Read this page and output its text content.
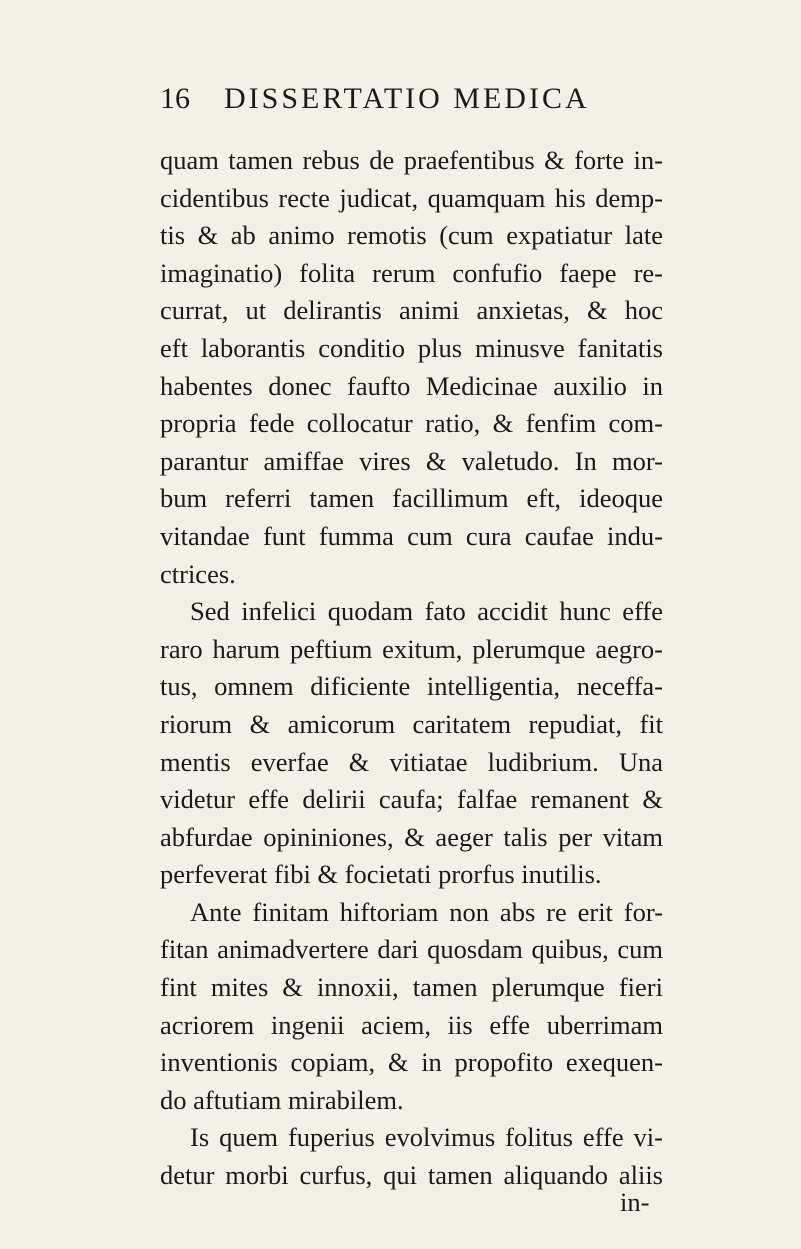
16 DISSERTATIO MEDICA
quam tamen rebus de praefentibus & forte in-
cidentibus recte judicat, quamquam his demp-
tis & ab animo remotis (cum expatiatur late
imaginatio) folita rerum confufio faepe re-
currat, ut delirantis animi anxietas, & hoc
eft laborantis conditio plus minusve fanitatis
habentes donec faufto Medicinae auxilio in
propria fede collocatur ratio, & fenfim com-
parantur amiffae vires & valetudo. In mor-
bum referri tamen facillimum eft, ideoque
vitandae funt fumma cum cura caufae indu-
ctrices.
Sed infelici quodam fato accidit hunc effe
raro harum peftium exitum, plerumque aegro-
tus, omnem dificiente intelligentia, neceffa-
riorum & amicorum caritatem repudiat, fit
mentis everfae & vitiatae ludibrium. Una
videtur effe delirii caufa; falfae remanent &
abfurdae opininiones, & aeger talis per vitam
perfeverat fibi & focietati prorfus inutilis.
Ante finitam hiftoriam non abs re erit for-
fitan animadvertere dari quosdam quibus, cum
fint mites & innoxii, tamen plerumque fieri
acriorem ingenii aciem, iis effe uberrimam
inventionis copiam, & in propofito exequen-
do aftutiam mirabilem.
Is quem fuperius evolvimus folitus effe vi-
detur morbi curfus, qui tamen aliquando aliis
in-
